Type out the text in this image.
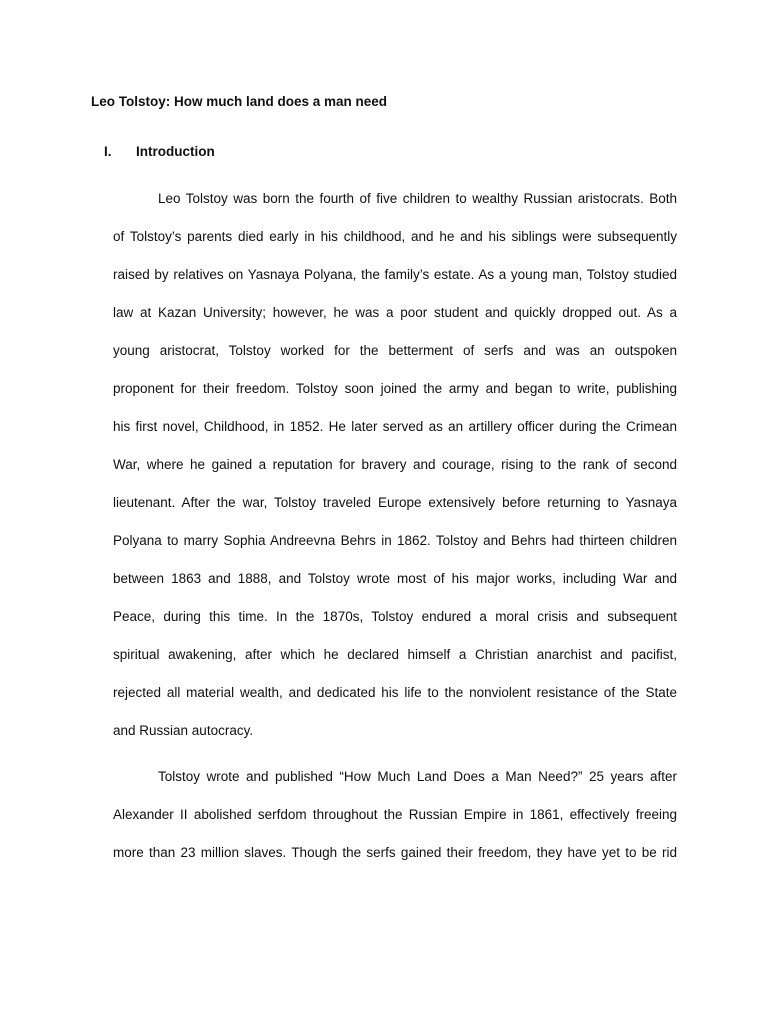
Leo Tolstoy: How much land does a man need
I. Introduction
Leo Tolstoy was born the fourth of five children to wealthy Russian aristocrats. Both
of Tolstoy’s parents died early in his childhood, and he and his siblings were subsequently
raised by relatives on Yasnaya Polyana, the family’s estate. As a young man, Tolstoy studied
law at Kazan University; however, he was a poor student and quickly dropped out. As a
young aristocrat, Tolstoy worked for the betterment of serfs and was an outspoken
proponent for their freedom. Tolstoy soon joined the army and began to write, publishing
his first novel, Childhood, in 1852. He later served as an artillery officer during the Crimean
War, where he gained a reputation for bravery and courage, rising to the rank of second
lieutenant. After the war, Tolstoy traveled Europe extensively before returning to Yasnaya
Polyana to marry Sophia Andreevna Behrs in 1862. Tolstoy and Behrs had thirteen children
between 1863 and 1888, and Tolstoy wrote most of his major works, including War and
Peace, during this time. In the 1870s, Tolstoy endured a moral crisis and subsequent
spiritual awakening, after which he declared himself a Christian anarchist and pacifist,
rejected all material wealth, and dedicated his life to the nonviolent resistance of the State
and Russian autocracy.
Tolstoy wrote and published “How Much Land Does a Man Need?” 25 years after
Alexander II abolished serfdom throughout the Russian Empire in 1861, effectively freeing
more than 23 million slaves. Though the serfs gained their freedom, they have yet to be rid
